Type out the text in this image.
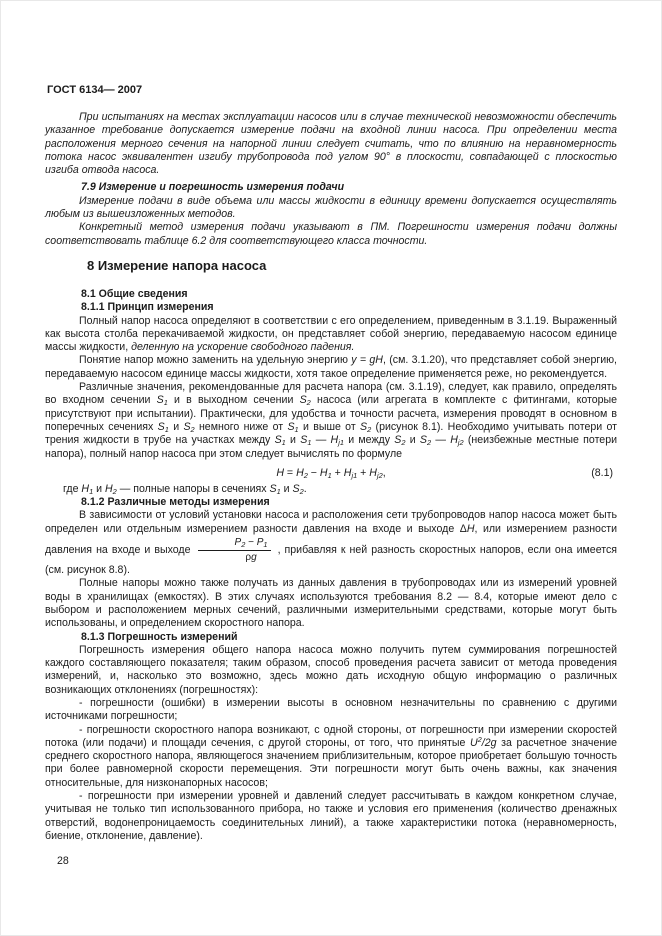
ГОСТ 6134— 2007

При испытаниях на местах эксплуатации насосов или в случае технической невозможности обеспечить указанное требование допускается измерение подачи на входной линии насоса. При определении места расположения мерного сечения на напорной линии следует считать, что по влиянию на неравномерность потока насос эквивалентен изгибу трубопровода под углом 90° в плоскости, совпадающей с плоскостью изгиба отвода насоса.

7.9 Измерение и погрешность измерения подачи

Измерение подачи в виде объема или массы жидкости в единицу времени допускается осуществлять любым из вышеизложенных методов.

Конкретный метод измерения подачи указывают в ПМ. Погрешности измерения подачи должны соответствовать таблице 6.2 для соответствующего класса точности.

8 Измерение напора насоса

8.1 Общие сведения

8.1.1 Принцип измерения

Полный напор насоса определяют в соответствии с его определением, приведенным в 3.1.19. Выраженный как высота столба перекачиваемой жидкости, он представляет собой энергию, передаваемую насосом единице массы жидкости, деленную на ускорение свободного падения.

Понятие напор можно заменить на удельную энергию y = gH, (см. 3.1.20), что представляет собой энергию, передаваемую насосом единице массы жидкости, хотя такое определение применяется реже, но рекомендуется.

Различные значения, рекомендованные для расчета напора (см. 3.1.19), следует, как правило, определять во входном сечении $S_1$ и в выходном сечении $S_2$ насоса (или агрегата в комплекте с фитингами, которые присутствуют при испытании). Практически, для удобства и точности расчета, измерения проводят в основном в поперечных сечениях $S_1$ и $S_2$ немного ниже от $S_1$ и выше от $S_2$ (рисунок 8.1). Необходимо учитывать потери от трения жидкости в трубе на участках между $S_1$ и $S_1$ — $H_{j1}$ и между $S_2$ и $S_2$ — $H_{j2}$ (неизбежные местные потери напора), полный напор насоса при этом следует вычислять по формуле

$H = H_2 - H_1 + H_{j1} + H_{j2}$,	(8.1)

где $H_1$ и $H_2$ — полные напоры в сечениях $S_1$ и $S_2$.

8.1.2 Различные методы измерения

В зависимости от условий установки насоса и расположения сети трубопроводов напор насоса может быть определен или отдельным измерением разности давления на входе и выходе ΔH, или измерением разности давления на входе и выходе $\frac{P_2 - P_1}{\rho g}$ , прибавляя к ней разность скоростных напоров, если она имеется (см. рисунок 8.8).

Полные напоры можно также получать из данных давления в трубопроводах или из измерений уровней воды в хранилищах (емкостях). В этих случаях используются требования 8.2 — 8.4, которые имеют дело с выбором и расположением мерных сечений, различными измерительными средствами, которые могут быть использованы, и определением скоростного напора.

8.1.3 Погрешность измерений

Погрешность измерения общего напора насоса можно получить путем суммирования погрешностей каждого составляющего показателя; таким образом, способ проведения расчета зависит от метода проведения измерений, и, насколько это возможно, здесь можно дать исходную общую информацию о различных возникающих отклонениях (погрешностях):

- погрешности (ошибки) в измерении высоты в основном незначительны по сравнению с другими источниками погрешности;

- погрешности скоростного напора возникают, с одной стороны, от погрешности при измерении скоростей потока (или подачи) и площади сечения, с другой стороны, от того, что принятые $U^2/2g$ за расчетное значение среднего скоростного напора, являющегося значением приблизительным, которое приобретает большую точность при более равномерной скорости перемещения. Эти погрешности могут быть очень важны, как значения относительные, для низконапорных насосов;

- погрешности при измерении уровней и давлений следует рассчитывать в каждом конкретном случае, учитывая не только тип использованного прибора, но также и условия его применения (количество дренажных отверстий, водонепроницаемость соединительных линий), а также характеристики потока (неравномерность, биение, отклонение, давление).

28
